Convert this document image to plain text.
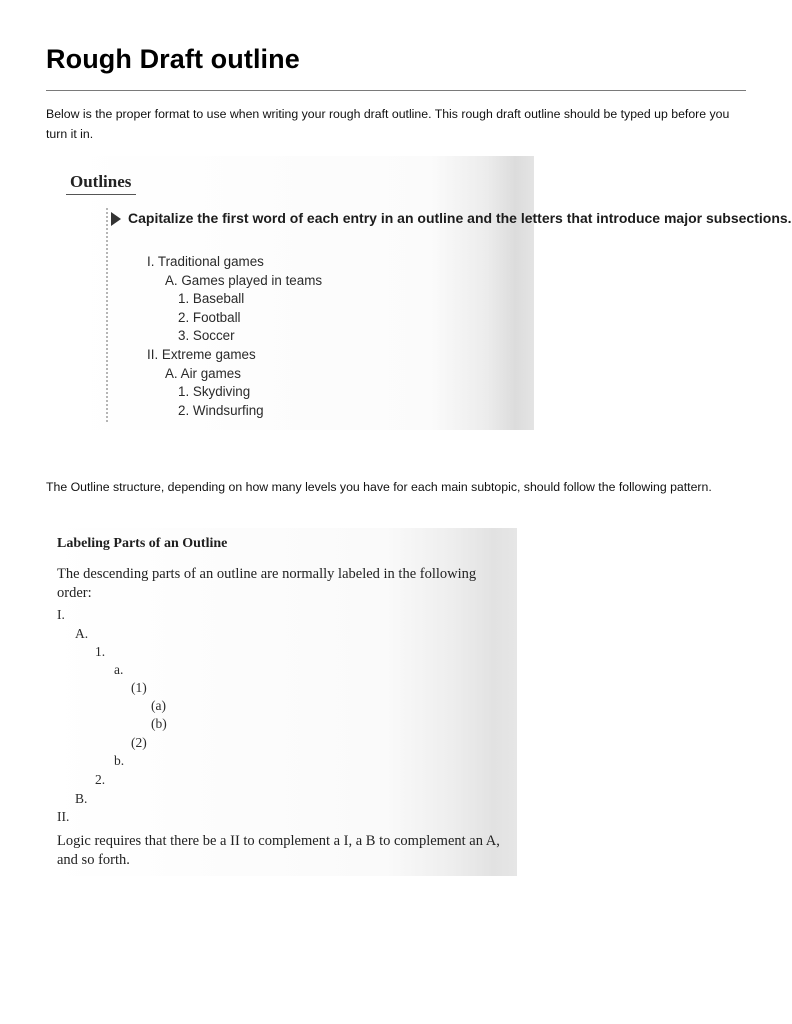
Rough Draft outline

Below is the proper format to use when writing your rough draft outline. This rough draft outline should be typed up before you turn it in.

Outlines

Capitalize the first word of each entry in an outline and the letters that introduce major subsections.

I. Traditional games
A. Games played in teams
1. Baseball
2. Football
3. Soccer
II. Extreme games
A. Air games
1. Skydiving
2. Windsurfing

The Outline structure, depending on how many levels you have for each main subtopic, should follow the following pattern.

Labeling Parts of an Outline

The descending parts of an outline are normally labeled in the following order:

I.
A.
1.
a.
(1)
(a)
(b)
(2)
b.
2.
B.
II.

Logic requires that there be a II to complement a I, a B to complement an A, and so forth.
